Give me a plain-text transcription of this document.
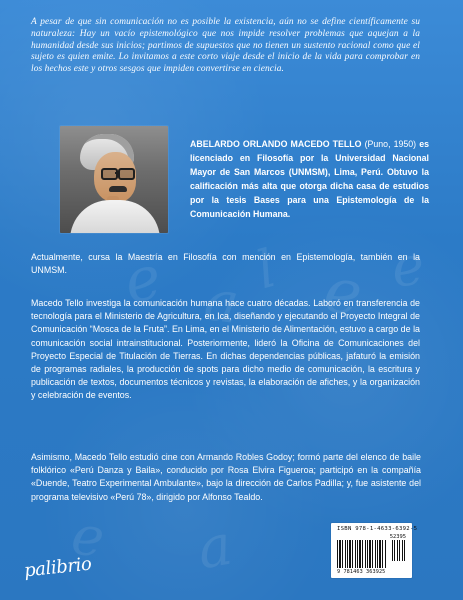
e a l e e
e a
A pesar de que sin comunicación no es posible la existencia, aún no se define científicamente su naturaleza: Hay un vacío epistemológico que nos impide resolver problemas que aquejan a la humanidad desde sus inicios; partimos de supuestos que no tienen un sustento racional como que el sujeto es quien emite. Lo invitamos a este corto viaje desde el inicio de la vida para comprobar en los hechos este y otros sesgos que impiden convertirse en ciencia.
ABELARDO ORLANDO MACEDO TELLO (Puno, 1950) es licenciado en Filosofía por la Universidad Nacional Mayor de San Marcos (UNMSM), Lima, Perú. Obtuvo la calificación más alta que otorga dicha casa de estudios por la tesis Bases para una Epistemología de la Comunicación Humana.
Actualmente, cursa la Maestría en Filosofía con mención en Epistemología, también en la UNMSM.
Macedo Tello investiga la comunicación humana hace cuatro décadas. Laboró en transferencia de tecnología para el Ministerio de Agricultura, en Ica, diseñando y ejecutando el Proyecto Integral de Comunicación “Mosca de la Fruta”. En Lima, en el Ministerio de Alimentación, estuvo a cargo de la comunicación social intrainstitucional. Posteriormente, lideró la Oficina de Comunicaciones del Proyecto Especial de Titulación de Tierras. En dichas dependencias públicas, jafaturó la emisión de programas radiales, la producción de spots para dicho medio de comunicación, la escritura y publicación de textos, documentos técnicos y revistas, la elaboración de afiches, y la organización y celebración de eventos.
Asimismo, Macedo Tello estudió cine con Armando Robles Godoy; formó parte del elenco de baile folklórico «Perú Danza y Baila», conducido por Rosa Elvira Figueroa; participó en la compañía «Duende, Teatro Experimental Ambulante», bajo la dirección de Carlos Padilla; y, fue asistente del programa televisivo «Perú 78», dirigido por Alfonso Tealdo.
ISBN 978-1-4633-6392-5
52395
9 781463 363925
palibrio
